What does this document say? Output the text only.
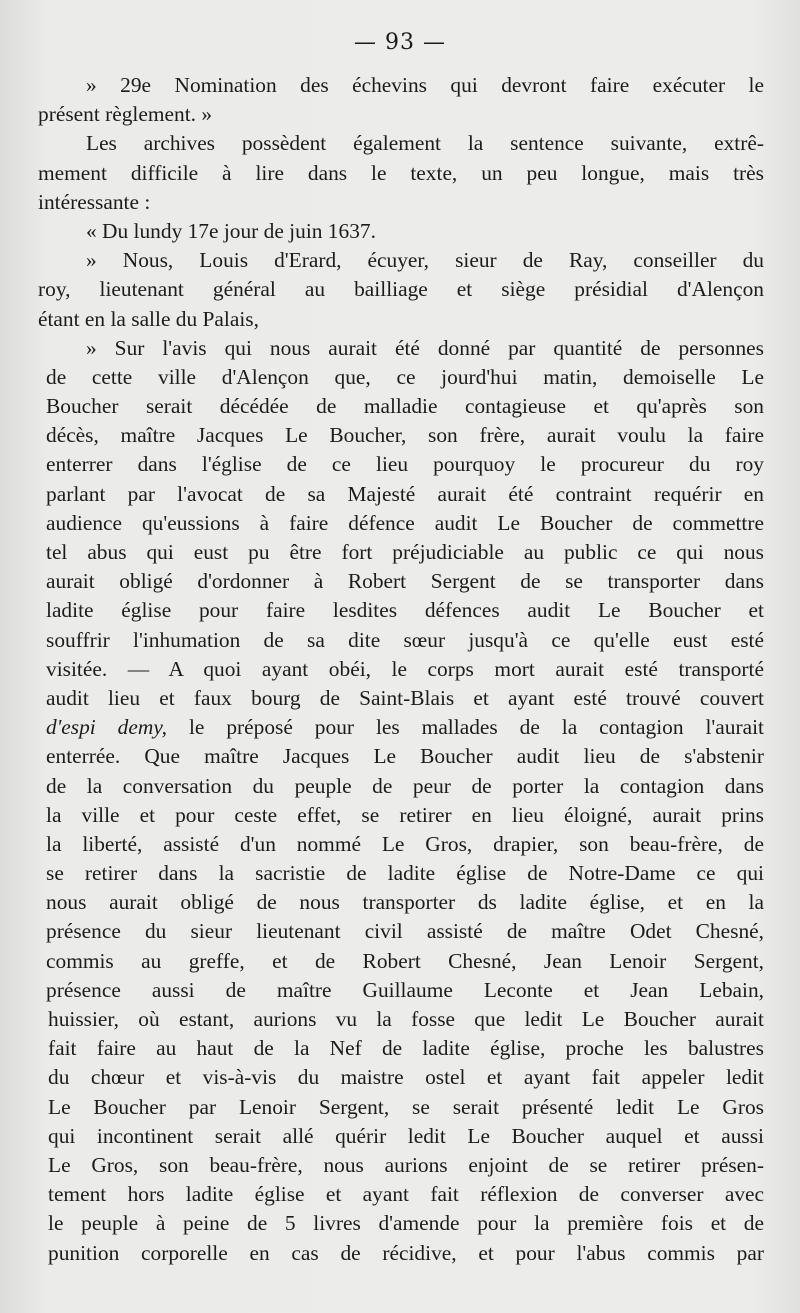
— 93 —
» 29e Nomination des échevins qui devront faire exécuter le
présent règlement. »
Les archives possèdent également la sentence suivante, extrê-
mement difficile à lire dans le texte, un peu longue, mais très
intéressante :
« Du lundy 17e jour de juin 1637.
» Nous, Louis d'Erard, écuyer, sieur de Ray, conseiller du
roy, lieutenant général au bailliage et siège présidial d'Alençon
étant en la salle du Palais,
» Sur l'avis qui nous aurait été donné par quantité de personnes
de cette ville d'Alençon que, ce jourd'hui matin, demoiselle Le
Boucher serait décédée de malladie contagieuse et qu'après son
décès, maître Jacques Le Boucher, son frère, aurait voulu la faire
enterrer dans l'église de ce lieu pourquoy le procureur du roy
parlant par l'avocat de sa Majesté aurait été contraint requérir en
audience qu'eussions à faire défence audit Le Boucher de commettre
tel abus qui eust pu être fort préjudiciable au public ce qui nous
aurait obligé d'ordonner à Robert Sergent de se transporter dans
ladite église pour faire lesdites défences audit Le Boucher et
souffrir l'inhumation de sa dite sœur jusqu'à ce qu'elle eust esté
visitée. — A quoi ayant obéi, le corps mort aurait esté transporté
audit lieu et faux bourg de Saint-Blais et ayant esté trouvé couvert
d'espi demy, le préposé pour les mallades de la contagion l'aurait
enterrée. Que maître Jacques Le Boucher audit lieu de s'abstenir
de la conversation du peuple de peur de porter la contagion dans
la ville et pour ceste effet, se retirer en lieu éloigné, aurait prins
la liberté, assisté d'un nommé Le Gros, drapier, son beau-frère, de
se retirer dans la sacristie de ladite église de Notre-Dame ce qui
nous aurait obligé de nous transporter ds ladite église, et en la
présence du sieur lieutenant civil assisté de maître Odet Chesné,
commis au greffe, et de Robert Chesné, Jean Lenoir Sergent,
présence aussi de maître Guillaume Leconte et Jean Lebain,
huissier, où estant, aurions vu la fosse que ledit Le Boucher aurait
fait faire au haut de la Nef de ladite église, proche les balustres
du chœur et vis-à-vis du maistre ostel et ayant fait appeler ledit
Le Boucher par Lenoir Sergent, se serait présenté ledit Le Gros
qui incontinent serait allé quérir ledit Le Boucher auquel et aussi
Le Gros, son beau-frère, nous aurions enjoint de se retirer présen-
tement hors ladite église et ayant fait réflexion de converser avec
le peuple à peine de 5 livres d'amende pour la première fois et de
punition corporelle en cas de récidive, et pour l'abus commis par
